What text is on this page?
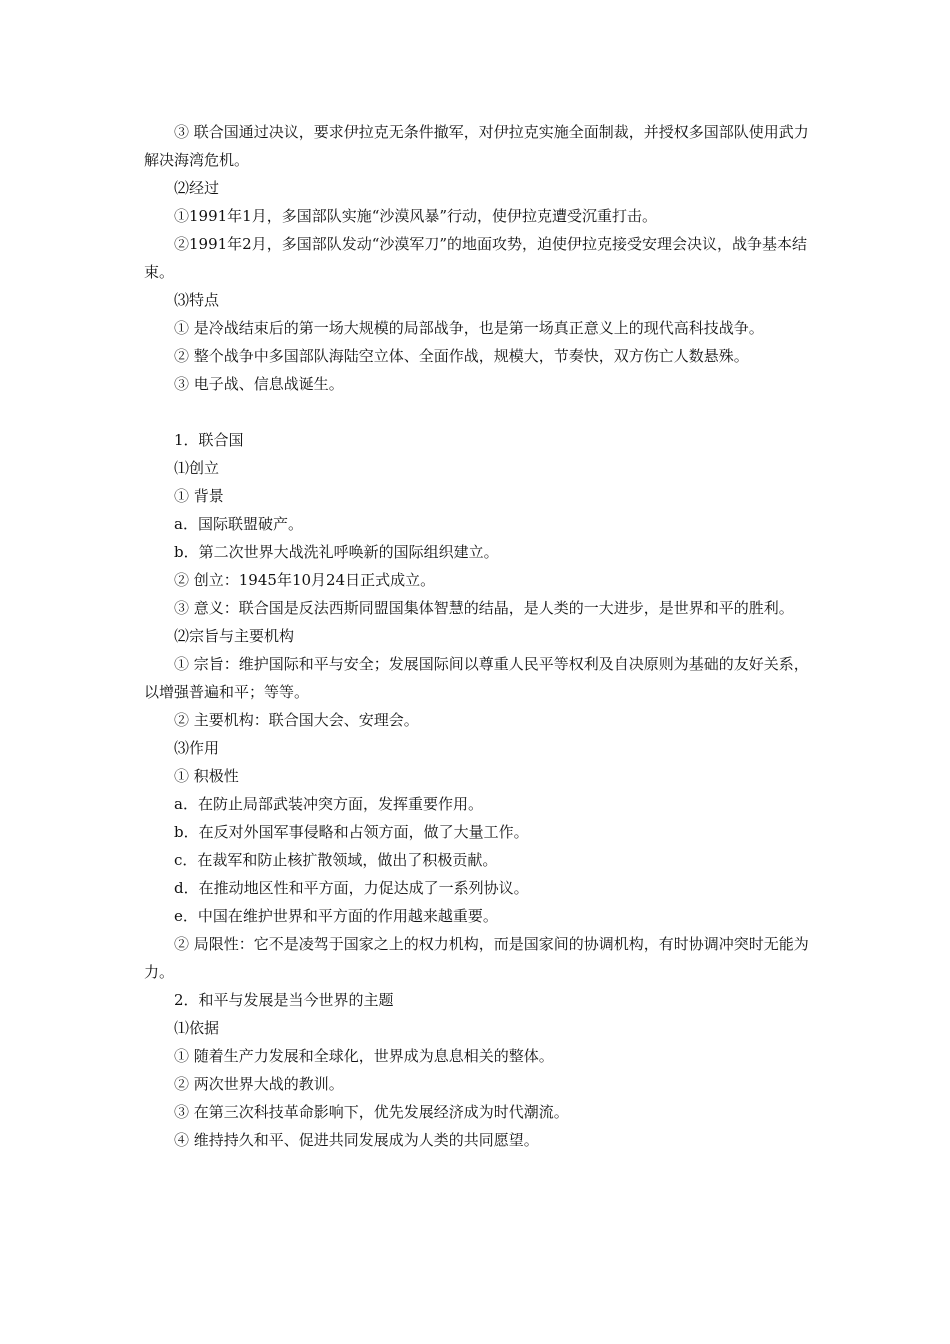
③ 联合国通过决议，要求伊拉克无条件撤军，对伊拉克实施全面制裁，并授权多国部队使用武力解决海湾危机。

⑵经过

①1991年1月，多国部队实施“沙漠风暴”行动，使伊拉克遭受沉重打击。

②1991年2月，多国部队发动“沙漠军刀”的地面攻势，迫使伊拉克接受安理会决议，战争基本结束。

⑶特点

① 是冷战结束后的第一场大规模的局部战争，也是第一场真正意义上的现代高科技战争。

② 整个战争中多国部队海陆空立体、全面作战，规模大，节奏快，双方伤亡人数悬殊。

③ 电子战、信息战诞生。

1．联合国

⑴创立

① 背景

a．国际联盟破产。

b．第二次世界大战洗礼呼唤新的国际组织建立。

② 创立：1945年10月24日正式成立。

③ 意义：联合国是反法西斯同盟国集体智慧的结晶，是人类的一大进步，是世界和平的胜利。

⑵宗旨与主要机构

① 宗旨：维护国际和平与安全；发展国际间以尊重人民平等权利及自决原则为基础的友好关系，以增强普遍和平；等等。

② 主要机构：联合国大会、安理会。

⑶作用

① 积极性

a．在防止局部武装冲突方面，发挥重要作用。

b．在反对外国军事侵略和占领方面，做了大量工作。

c．在裁军和防止核扩散领域，做出了积极贡献。

d．在推动地区性和平方面，力促达成了一系列协议。

e．中国在维护世界和平方面的作用越来越重要。

② 局限性：它不是凌驾于国家之上的权力机构，而是国家间的协调机构，有时协调冲突时无能为力。

2．和平与发展是当今世界的主题

⑴依据

① 随着生产力发展和全球化，世界成为息息相关的整体。

② 两次世界大战的教训。

③ 在第三次科技革命影响下，优先发展经济成为时代潮流。

④ 维持持久和平、促进共同发展成为人类的共同愿望。
